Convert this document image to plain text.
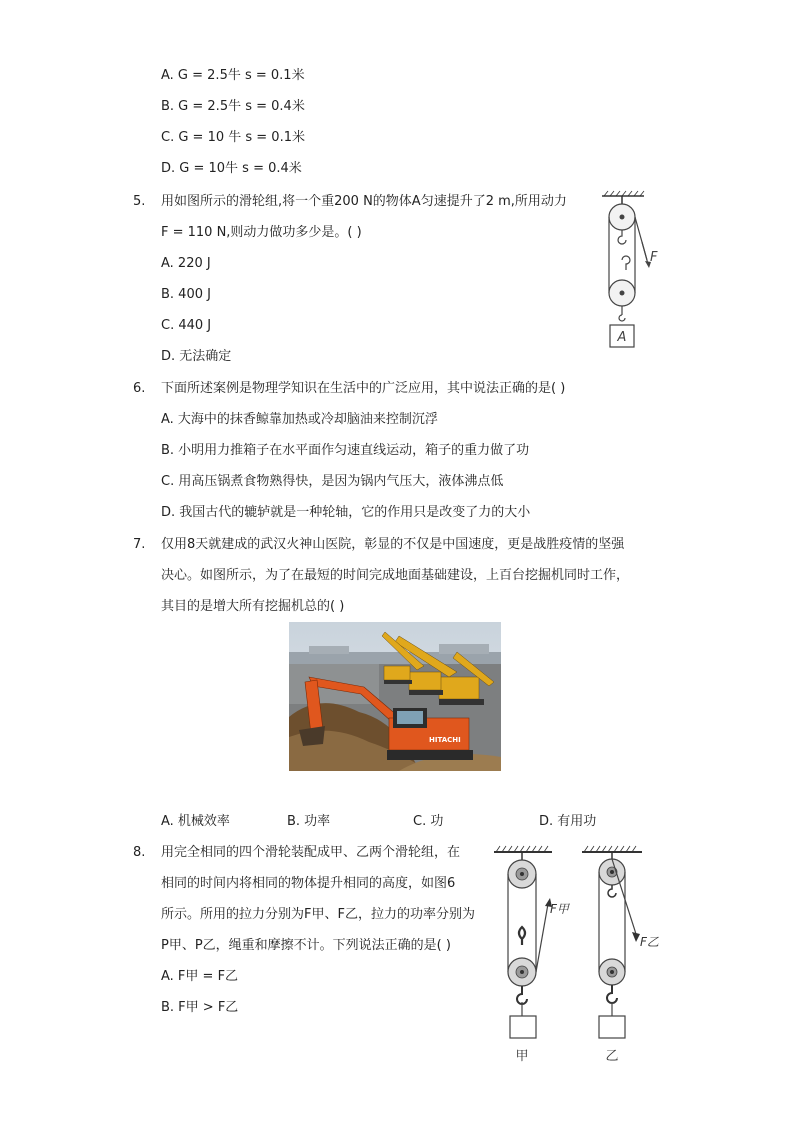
A. G = 2.5牛 s = 0.1米
B. G = 2.5牛 s = 0.4米
C. G = 10 牛 s = 0.1米
D. G = 10牛 s = 0.4米
5. 用如图所示的滑轮组,将一个重200 N的物体A匀速提升了2 m,所用动力
F = 110 N,则动力做功多少是。( )
A. 220 J
B. 400 J
C. 440 J
D. 无法确定
F
A
6. 下面所述案例是物理学知识在生活中的广泛应用，其中说法正确的是( )
A. 大海中的抹香鲸靠加热或冷却脑油来控制沉浮
B. 小明用力推箱子在水平面作匀速直线运动，箱子的重力做了功
C. 用高压锅煮食物熟得快，是因为锅内气压大，液体沸点低
D. 我国古代的辘轳就是一种轮轴，它的作用只是改变了力的大小
7. 仅用8天就建成的武汉火神山医院，彰显的不仅是中国速度，更是战胜疫情的坚强
决心。如图所示，为了在最短的时间完成地面基础建设，上百台挖掘机同时工作，
其目的是增大所有挖掘机总的( )
HITACHI
A. 机械效率	B. 功率	C. 功	D. 有用功
8. 用完全相同的四个滑轮装配成甲、乙两个滑轮组，在
相同的时间内将相同的物体提升相同的高度，如图6
所示。所用的拉力分别为F甲、F乙，拉力的功率分别为
P甲、P乙，绳重和摩擦不计。下列说法正确的是( )
A. F甲 = F乙
B. F甲 > F乙
F甲
甲
F乙
乙
